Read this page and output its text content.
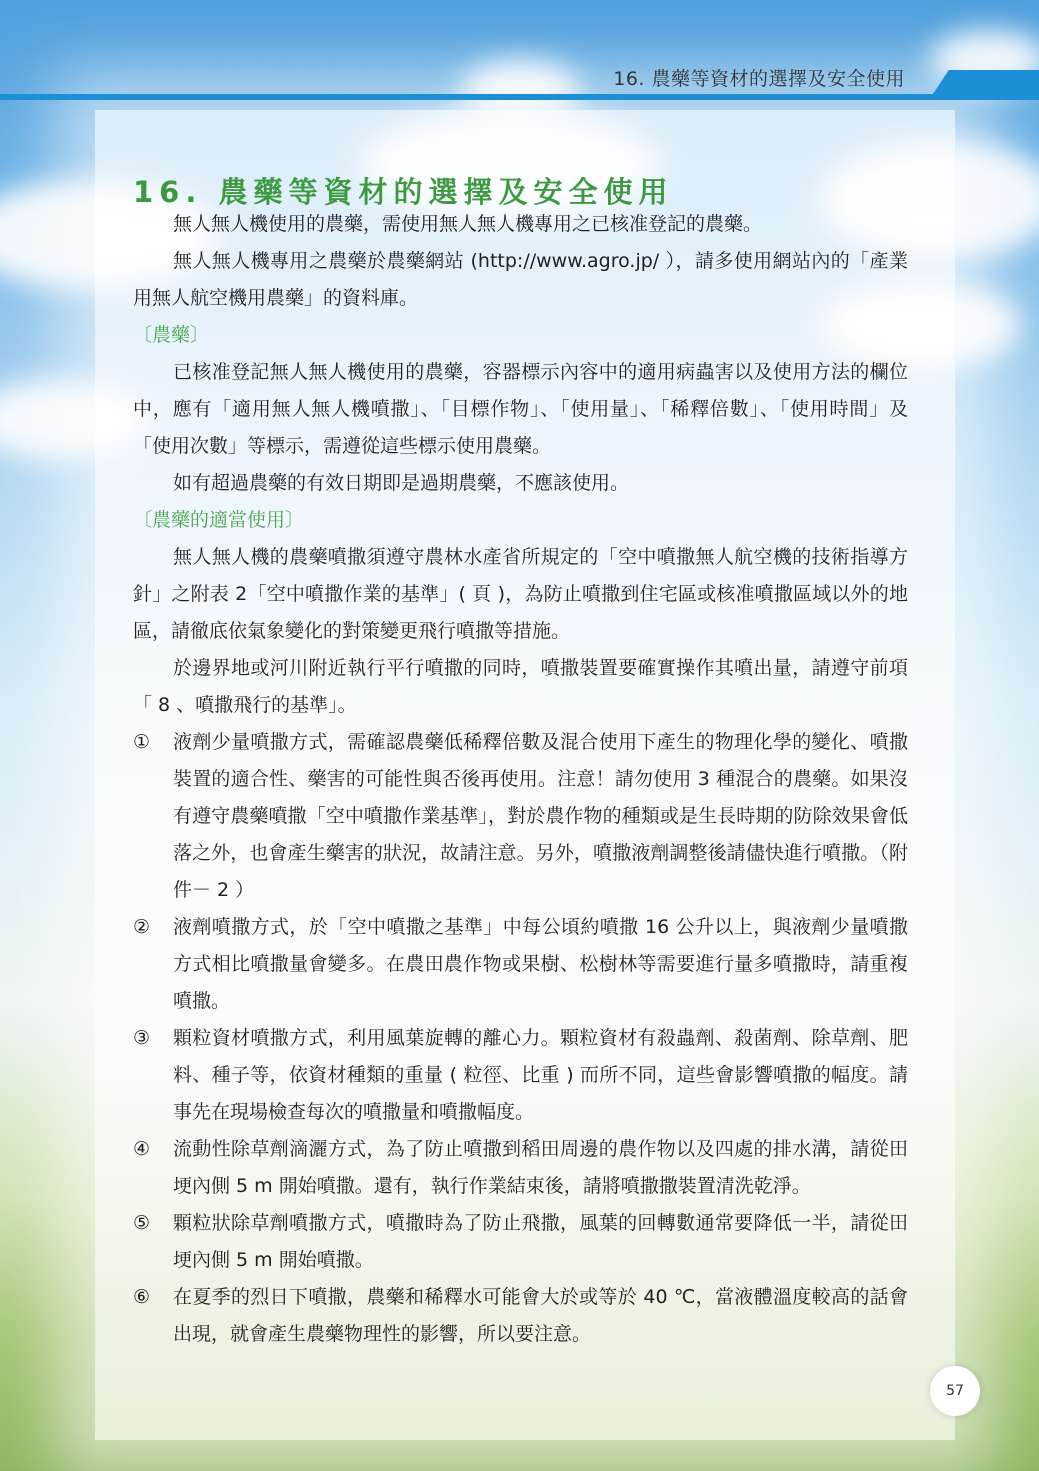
16. 農藥等資材的選擇及安全使用
16. 農藥等資材的選擇及安全使用

無人無人機使用的農藥，需使用無人無人機專用之已核准登記的農藥。

無人無人機專用之農藥於農藥網站 (http://www.agro.jp/ ），請多使用網站內的「產業用無人航空機用農藥」的資料庫。

〔農藥〕

已核准登記無人無人機使用的農藥，容器標示內容中的適用病蟲害以及使用方法的欄位中，應有「適用無人無人機噴撒」、「目標作物」、「使用量」、「稀釋倍數」、「使用時間」及「使用次數」等標示，需遵從這些標示使用農藥。

如有超過農藥的有效日期即是過期農藥，不應該使用。

〔農藥的適當使用〕

無人無人機的農藥噴撒須遵守農林水產省所規定的「空中噴撒無人航空機的技術指導方針」之附表 2「空中噴撒作業的基準」( 頁 )，為防止噴撒到住宅區或核准噴撒區域以外的地區，請徹底依氣象變化的對策變更飛行噴撒等措施。

於邊界地或河川附近執行平行噴撒的同時，噴撒裝置要確實操作其噴出量，請遵守前項「 8 、噴撒飛行的基準」。

① 液劑少量噴撒方式，需確認農藥低稀釋倍數及混合使用下產生的物理化學的變化、噴撒裝置的適合性、藥害的可能性與否後再使用。注意！請勿使用 3 種混合的農藥。如果沒有遵守農藥噴撒「空中噴撒作業基準」，對於農作物的種類或是生長時期的防除效果會低落之外，也會產生藥害的狀況，故請注意。另外，噴撒液劑調整後請儘快進行噴撒。（附件－ 2 ）

② 液劑噴撒方式，於「空中噴撒之基準」中每公頃約噴撒 16 公升以上，與液劑少量噴撒方式相比噴撒量會變多。在農田農作物或果樹、松樹林等需要進行量多噴撒時，請重複噴撒。

③ 顆粒資材噴撒方式，利用風葉旋轉的離心力。顆粒資材有殺蟲劑、殺菌劑、除草劑、肥料、種子等，依資材種類的重量 ( 粒徑、比重 ) 而所不同，這些會影響噴撒的幅度。請事先在現場檢查每次的噴撒量和噴撒幅度。

④ 流動性除草劑滴灑方式，為了防止噴撒到稻田周邊的農作物以及四處的排水溝，請從田埂內側 5 m 開始噴撒。還有，執行作業結束後，請將噴撒撒裝置清洗乾淨。

⑤ 顆粒狀除草劑噴撒方式，噴撒時為了防止飛撒，風葉的回轉數通常要降低一半，請從田埂內側 5 m 開始噴撒。

⑥ 在夏季的烈日下噴撒，農藥和稀釋水可能會大於或等於 40 ℃，當液體溫度較高的話會出現，就會產生農藥物理性的影響，所以要注意。

57
